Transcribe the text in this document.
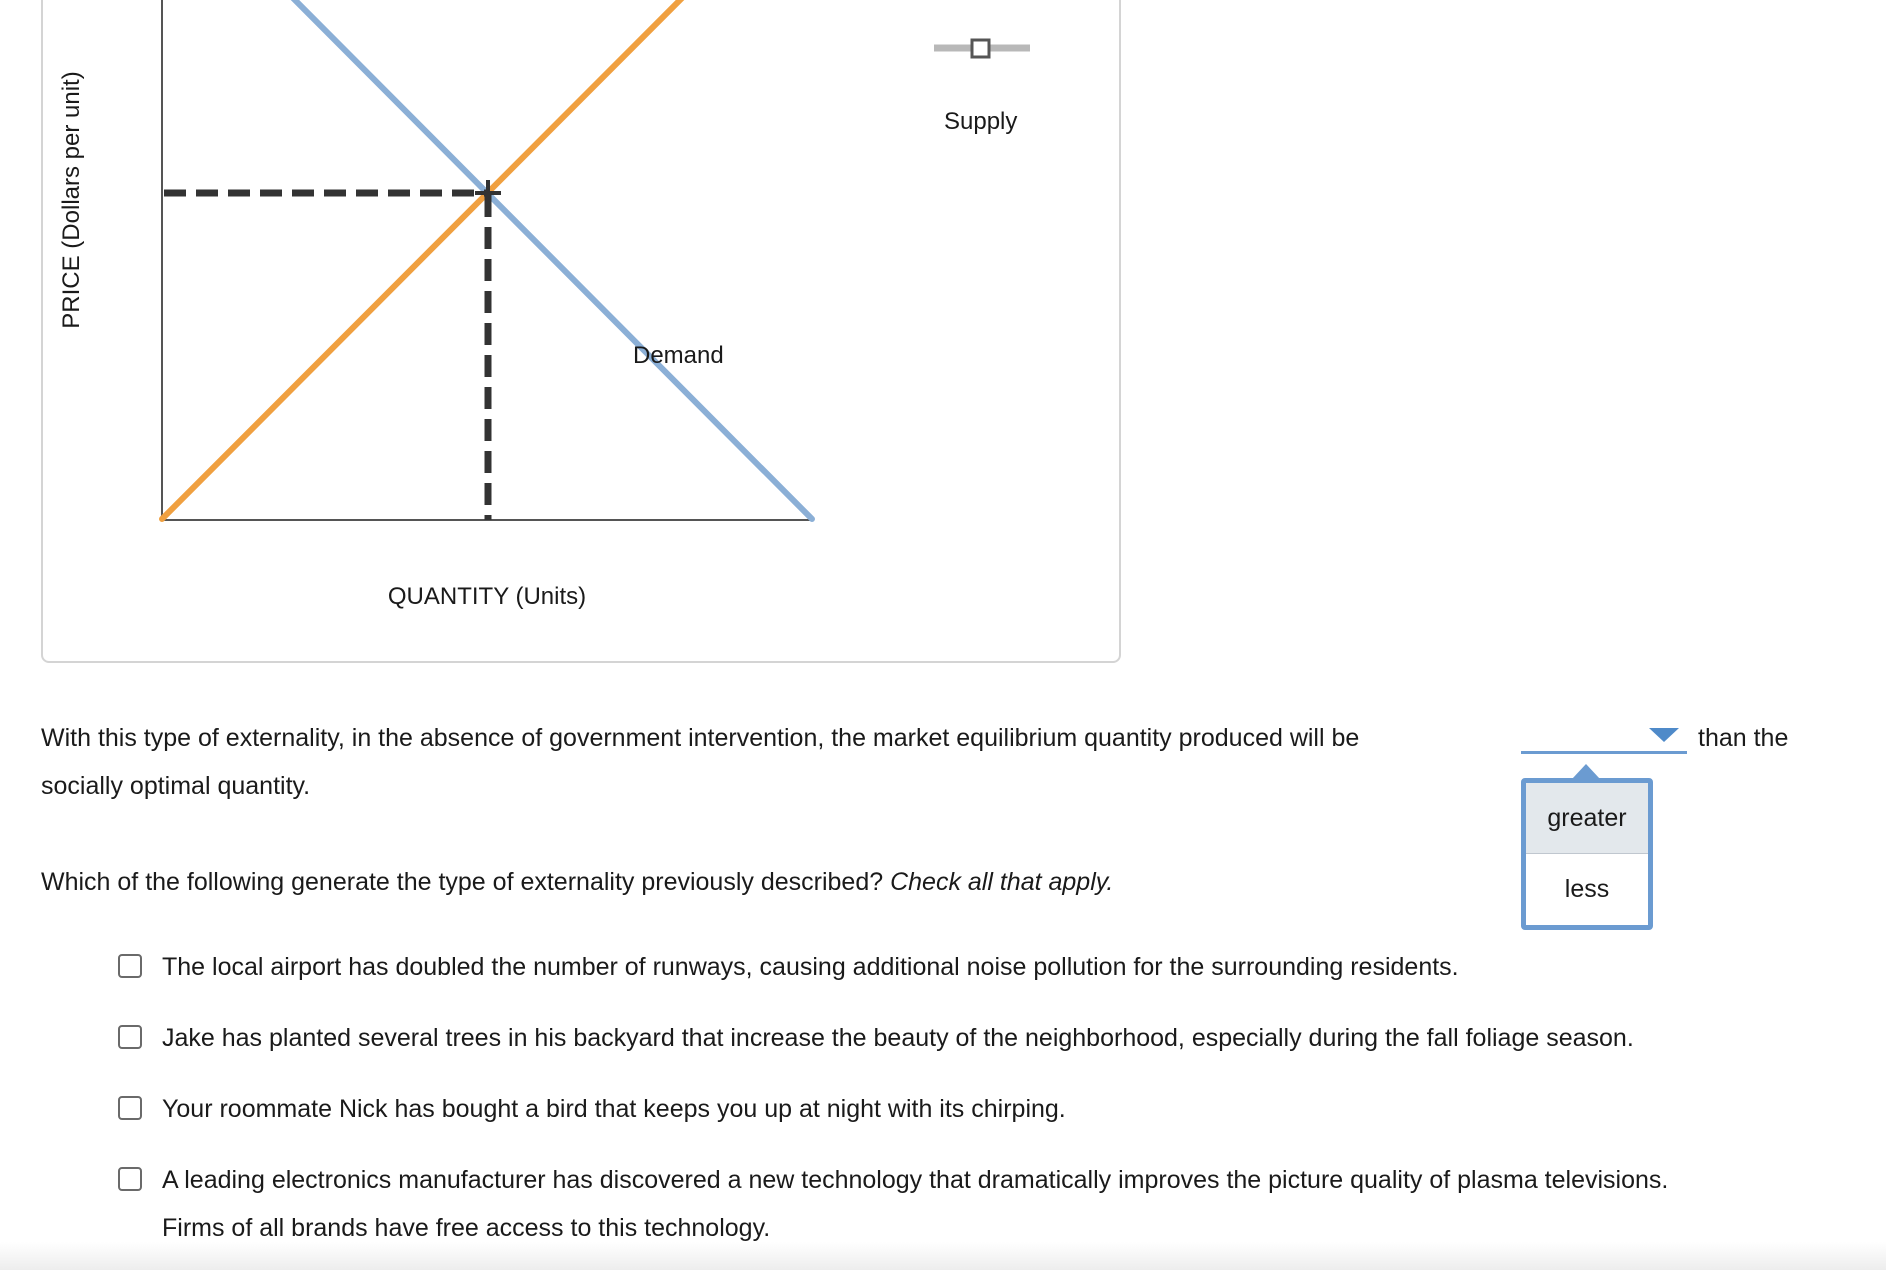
PRICE (Dollars per unit)
QUANTITY (Units)
Demand
Supply
With this type of externality, in the absence of government intervention, the market equilibrium quantity produced will be	than the
socially optimal quantity.
greater
less
Which of the following generate the type of externality previously described? Check all that apply.
The local airport has doubled the number of runways, causing additional noise pollution for the surrounding residents.
Jake has planted several trees in his backyard that increase the beauty of the neighborhood, especially during the fall foliage season.
Your roommate Nick has bought a bird that keeps you up at night with its chirping.
A leading electronics manufacturer has discovered a new technology that dramatically improves the picture quality of plasma televisions.
Firms of all brands have free access to this technology.
